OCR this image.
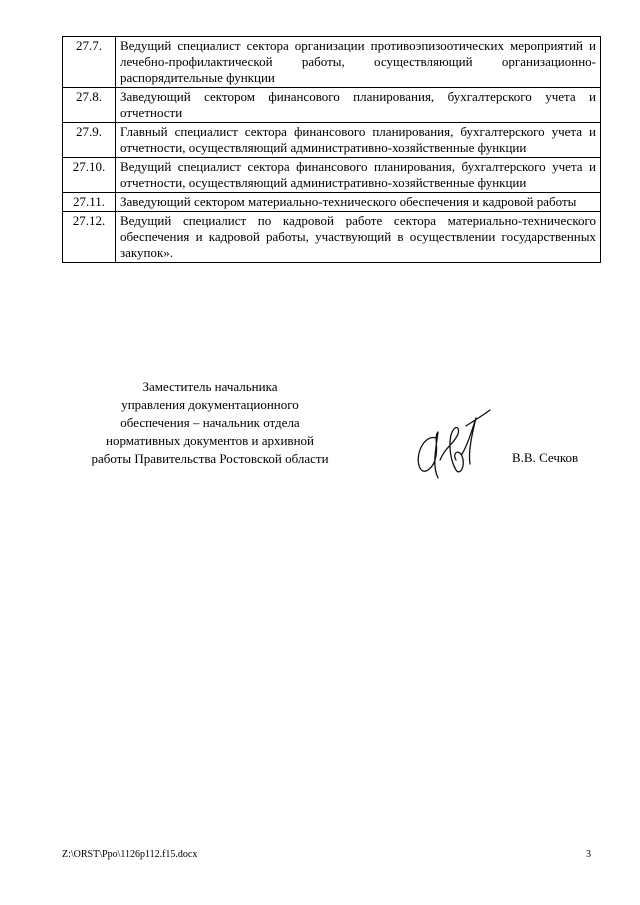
27.7.	Ведущий специалист сектора организации противоэпизоотических мероприятий и лечебно-профилактической работы, осуществляющий организационно-распорядительные функции
27.8.	Заведующий сектором финансового планирования, бухгалтерского учета и отчетности
27.9.	Главный специалист сектора финансового планирования, бухгалтерского учета и отчетности, осуществляющий административно-хозяйственные функции
27.10.	Ведущий специалист сектора финансового планирования, бухгалтерского учета и отчетности, осуществляющий административно-хозяйственные функции
27.11.	Заведующий сектором материально-технического обеспечения и кадровой работы
27.12.	Ведущий специалист по кадровой работе сектора материально-технического обеспечения и кадровой работы, участвующий в осуществлении государственных закупок».
Заместитель начальника
управления документационного
обеспечения – начальник отдела
нормативных документов и архивной
работы Правительства Ростовской области	В.В. Сечков
Z:\ORST\Ppo\1126p112.f15.docx	3
